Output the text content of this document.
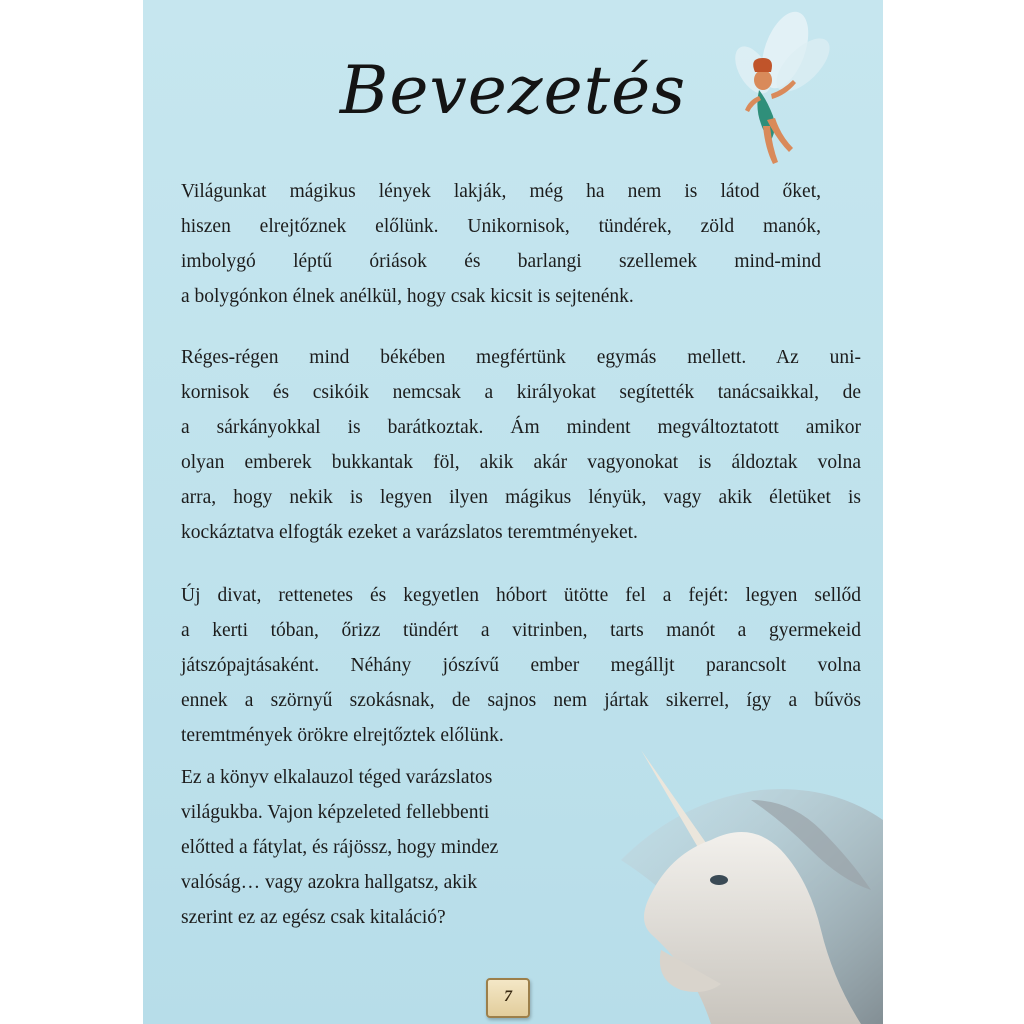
Bevezetés
Világunkat mágikus lények lakják, még ha nem is látod őket,
hiszen elrejtőznek előlünk. Unikornisok, tündérek, zöld manók,
imbolygó léptű óriások és barlangi szellemek mind-mind
a bolygónkon élnek anélkül, hogy csak kicsit is sejtenénk.
Réges-régen mind békében megfértünk egymás mellett. Az uni-
kornisok és csikóik nemcsak a királyokat segítették tanácsaikkal, de
a sárkányokkal is barátkoztak. Ám mindent megváltoztatott amikor
olyan emberek bukkantak föl, akik akár vagyonokat is áldoztak volna
arra, hogy nekik is legyen ilyen mágikus lényük, vagy akik életüket is
kockáztatva elfogták ezeket a varázslatos teremtményeket.
Új divat, rettenetes és kegyetlen hóbort ütötte fel a fejét: legyen sellőd
a kerti tóban, őrizz tündért a vitrinben, tarts manót a gyermekeid
játszópajtásaként. Néhány jószívű ember megálljt parancsolt volna
ennek a szörnyű szokásnak, de sajnos nem jártak sikerrel, így a bűvös
teremtmények örökre elrejtőztek előlünk.
Ez a könyv elkalauzol téged varázslatos
világukba. Vajon képzeleted fellebbenti
előtted a fátylat, és rájössz, hogy mindez
valóság… vagy azokra hallgatsz, akik
szerint ez az egész csak kitaláció?
7
